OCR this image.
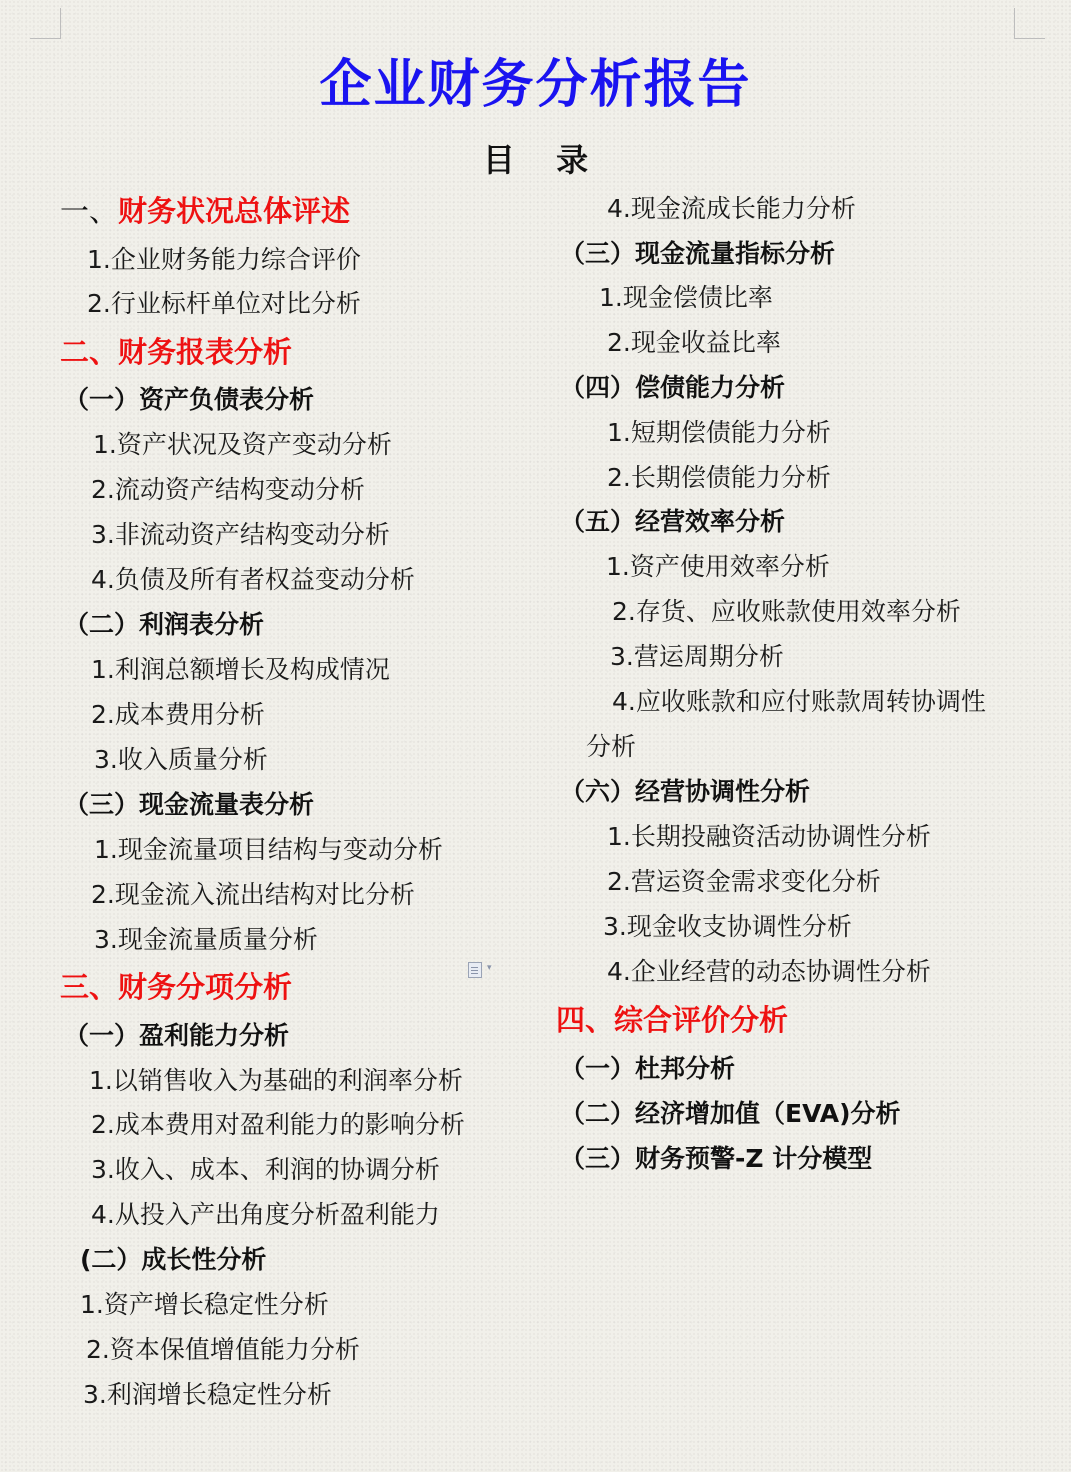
企业财务分析报告
目 录
一、财务状况总体评述
1.企业财务能力综合评价
2.行业标杆单位对比分析
二、财务报表分析
（一）资产负债表分析
1.资产状况及资产变动分析
2.流动资产结构变动分析
3.非流动资产结构变动分析
4.负债及所有者权益变动分析
（二）利润表分析
1.利润总额增长及构成情况
2.成本费用分析
3.收入质量分析
（三）现金流量表分析
1.现金流量项目结构与变动分析
2.现金流入流出结构对比分析
3.现金流量质量分析
三、财务分项分析
（一）盈利能力分析
1.以销售收入为基础的利润率分析
2.成本费用对盈利能力的影响分析
3.收入、成本、利润的协调分析
4.从投入产出角度分析盈利能力
(二）成长性分析
1.资产增长稳定性分析
2.资本保值增值能力分析
3.利润增长稳定性分析
▾
4.现金流成长能力分析
（三）现金流量指标分析
1.现金偿债比率
2.现金收益比率
（四）偿债能力分析
1.短期偿债能力分析
2.长期偿债能力分析
（五）经营效率分析
1.资产使用效率分析
2.存货、应收账款使用效率分析
3.营运周期分析
4.应收账款和应付账款周转协调性
分析
（六）经营协调性分析
1.长期投融资活动协调性分析
2.营运资金需求变化分析
3.现金收支协调性分析
4.企业经营的动态协调性分析
四、综合评价分析
（一）杜邦分析
（二）经济增加值（EVA)分析
（三）财务预警-Z 计分模型
